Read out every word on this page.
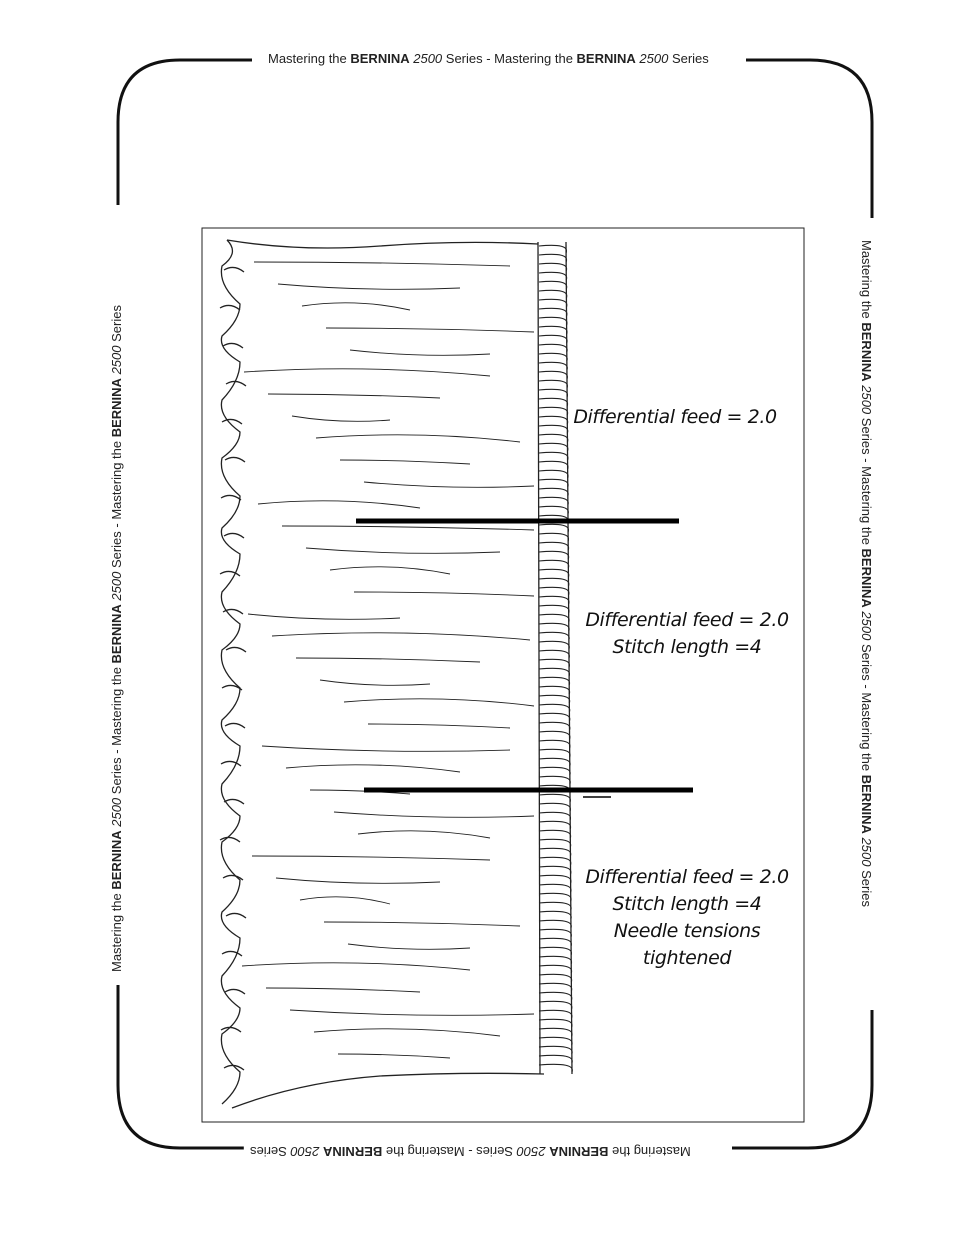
Mastering the BERNINA 2500 Series - Mastering the BERNINA 2500 Series
Mastering the BERNINA 2500 Series - Mastering the BERNINA 2500 Series
Mastering the BERNINA 2500 Series - Mastering the BERNINA 2500 Series - Mastering the BERNINA 2500 Series
Mastering the BERNINA 2500 Series - Mastering the BERNINA 2500 Series - Mastering the BERNINA 2500 Series
Differential feed = 2.0
Differential feed = 2.0
Stitch length =4
Differential feed = 2.0
Stitch length =4
Needle tensions
tightened
